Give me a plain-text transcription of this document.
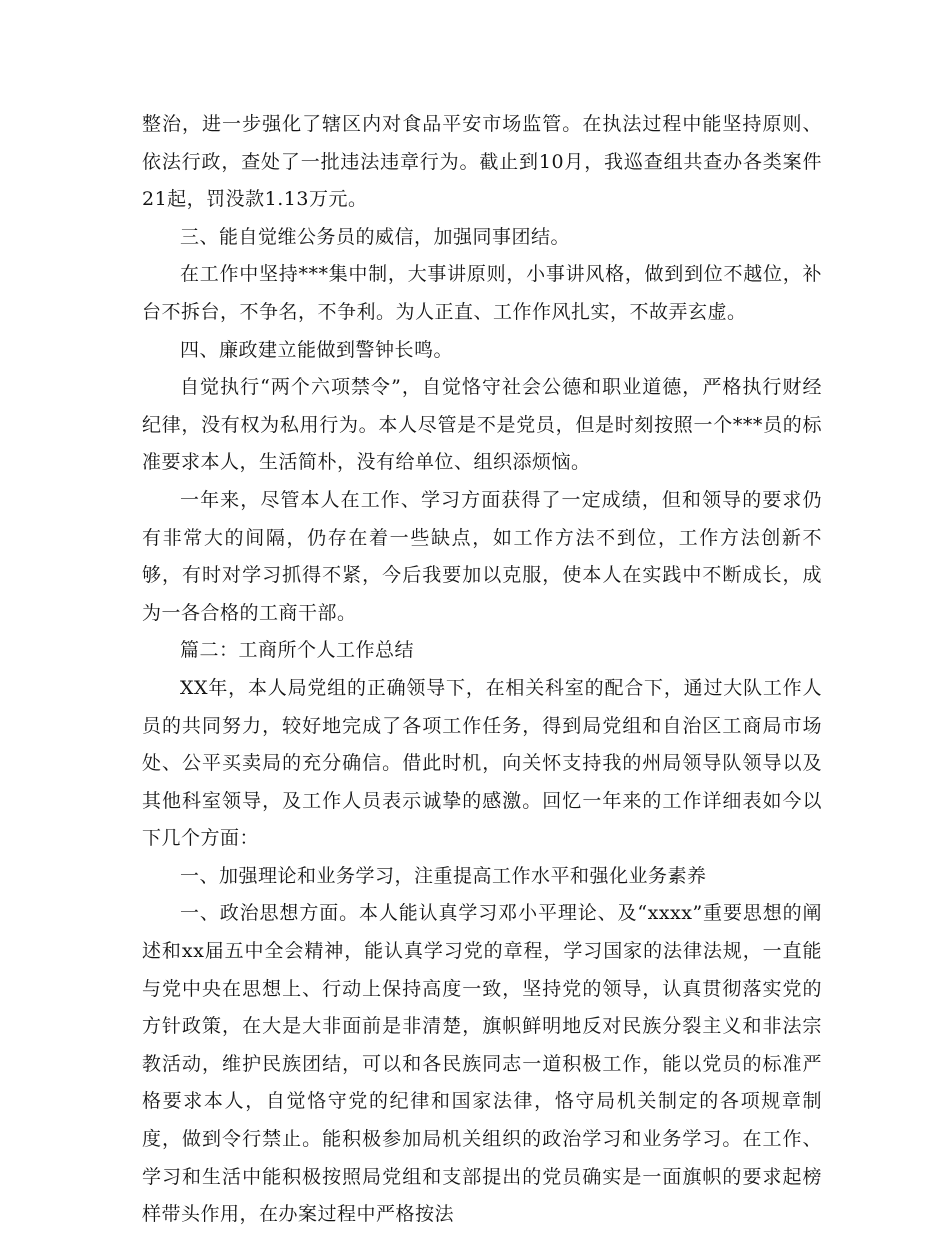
整治，进一步强化了辖区内对食品平安市场监管。在执法过程中能坚持原则、依法行政，查处了一批违法违章行为。截止到10月，我巡查组共查办各类案件21起，罚没款1.13万元。

三、能自觉维公务员的威信，加强同事团结。

在工作中坚持***集中制，大事讲原则，小事讲风格，做到到位不越位，补台不拆台，不争名，不争利。为人正直、工作作风扎实，不故弄玄虚。

四、廉政建立能做到警钟长鸣。

自觉执行“两个六项禁令”，自觉恪守社会公德和职业道德，严格执行财经纪律，没有权为私用行为。本人尽管是不是党员，但是时刻按照一个***员的标准要求本人，生活简朴，没有给单位、组织添烦恼。

一年来，尽管本人在工作、学习方面获得了一定成绩，但和领导的要求仍有非常大的间隔，仍存在着一些缺点，如工作方法不到位，工作方法创新不够，有时对学习抓得不紧，今后我要加以克服，使本人在实践中不断成长，成为一各合格的工商干部。

篇二：工商所个人工作总结

XX年，本人局党组的正确领导下，在相关科室的配合下，通过大队工作人员的共同努力，较好地完成了各项工作任务，得到局党组和自治区工商局市场处、公平买卖局的充分确信。借此时机，向关怀支持我的州局领导队领导以及其他科室领导，及工作人员表示诚挚的感激。回忆一年来的工作详细表如今以下几个方面：

一、加强理论和业务学习，注重提高工作水平和强化业务素养

一、政治思想方面。本人能认真学习邓小平理论、及“xxxx”重要思想的阐述和xx届五中全会精神，能认真学习党的章程，学习国家的法律法规，一直能与党中央在思想上、行动上保持高度一致，坚持党的领导，认真贯彻落实党的方针政策，在大是大非面前是非清楚，旗帜鲜明地反对民族分裂主义和非法宗教活动，维护民族团结，可以和各民族同志一道积极工作，能以党员的标准严格要求本人，自觉恪守党的纪律和国家法律，恪守局机关制定的各项规章制度，做到令行禁止。能积极参加局机关组织的政治学习和业务学习。在工作、学习和生活中能积极按照局党组和支部提出的党员确实是一面旗帜的要求起榜样带头作用，在办案过程中严格按法
